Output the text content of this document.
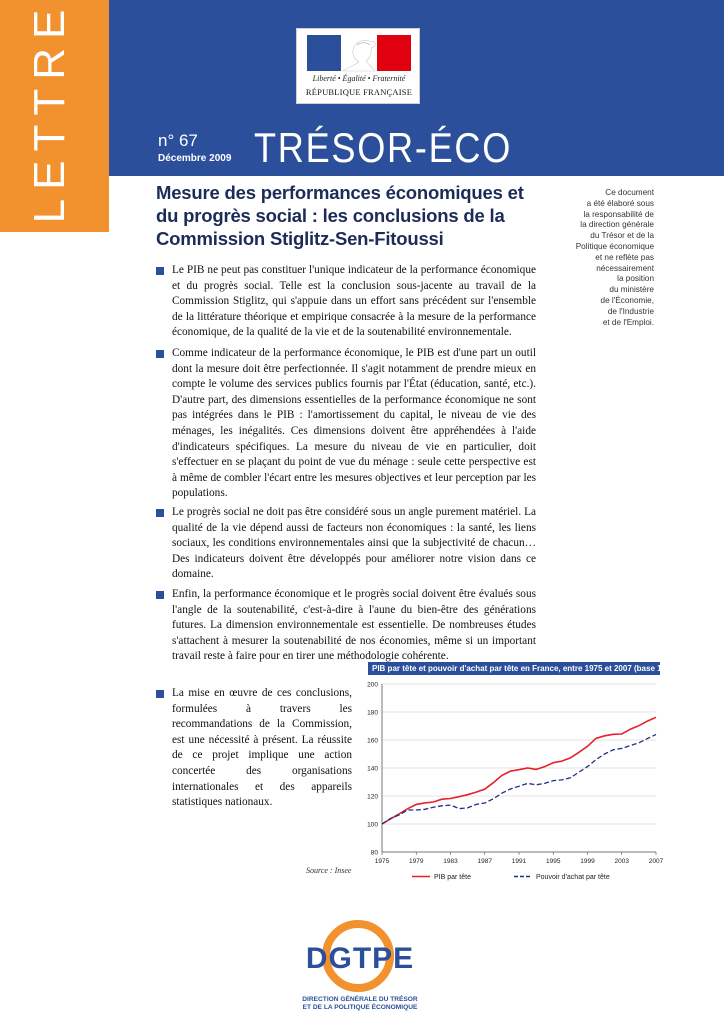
LETTRE	Liberté • Égalité • Fraternité
RÉPUBLIQUE FRANÇAISE
n° 67
Décembre 2009 TRÉSOR-ÉCO
Mesure des performances économiques et
du progrès social : les conclusions de la
Commission Stiglitz-Sen-Fitoussi
Ce document
a été élaboré sous
la responsabilité de
la direction générale
du Trésor et de la
Politique économique
et ne reflète pas
nécessairement
la position
du ministère
de l'Économie,
de l'Industrie
et de l'Emploi.
Le PIB ne peut pas constituer l'unique indicateur de la performance économique et du progrès social. Telle est la conclusion sous-jacente au travail de la Commission Stiglitz, qui s'appuie dans un effort sans précédent sur l'ensemble de la littérature théorique et empirique consacrée à la mesure de la performance économique, de la qualité de la vie et de la soutenabilité environnementale.
Comme indicateur de la performance économique, le PIB est d'une part un outil dont la mesure doit être perfectionnée. Il s'agit notamment de prendre mieux en compte le volume des services publics fournis par l'État (éducation, santé, etc.). D'autre part, des dimensions essentielles de la performance économique ne sont pas intégrées dans le PIB : l'amortissement du capital, le niveau de vie des ménages, les inégalités. Ces dimensions doivent être appréhendées à l'aide d'indicateurs spécifiques. La mesure du niveau de vie en particulier, doit s'effectuer en se plaçant du point de vue du ménage : seule cette perspective est à même de combler l'écart entre les mesures objectives et leur perception par les populations.
Le progrès social ne doit pas être considéré sous un angle purement matériel. La qualité de la vie dépend aussi de facteurs non économiques : la santé, les liens sociaux, les conditions environnementales ainsi que la subjectivité de chacun… Des indicateurs doivent être développés pour améliorer notre vision dans ce domaine.
Enfin, la performance économique et le progrès social doivent être évalués sous l'angle de la soutenabilité, c'est-à-dire à l'aune du bien-être des générations futures. La dimension environnementale est essentielle. De nombreuses études s'attachent à mesurer la soutenabilité de nos économies, même si un important travail reste à faire pour en tirer une méthodologie cohérente.
La mise en œuvre de ces conclusions, formulées à travers les recommandations de la Commission, est une nécessité à présent. La réussite de ce projet implique une action concertée des organisations internationales et des appareils statistiques nationaux.
PIB par tête et pouvoir d'achat par tête en France, entre 1975 et 2007 (base 100 en 1975)
80
100
120
140
160
180
200
1975	1979	1983	1987	1991	1995	1999	2003	2007
PIB par tête	Pouvoir d'achat par tête
Source : Insee
DGTPE
DIRECTION GÉNÉRALE DU TRÉSOR
ET DE LA POLITIQUE ÉCONOMIQUE
